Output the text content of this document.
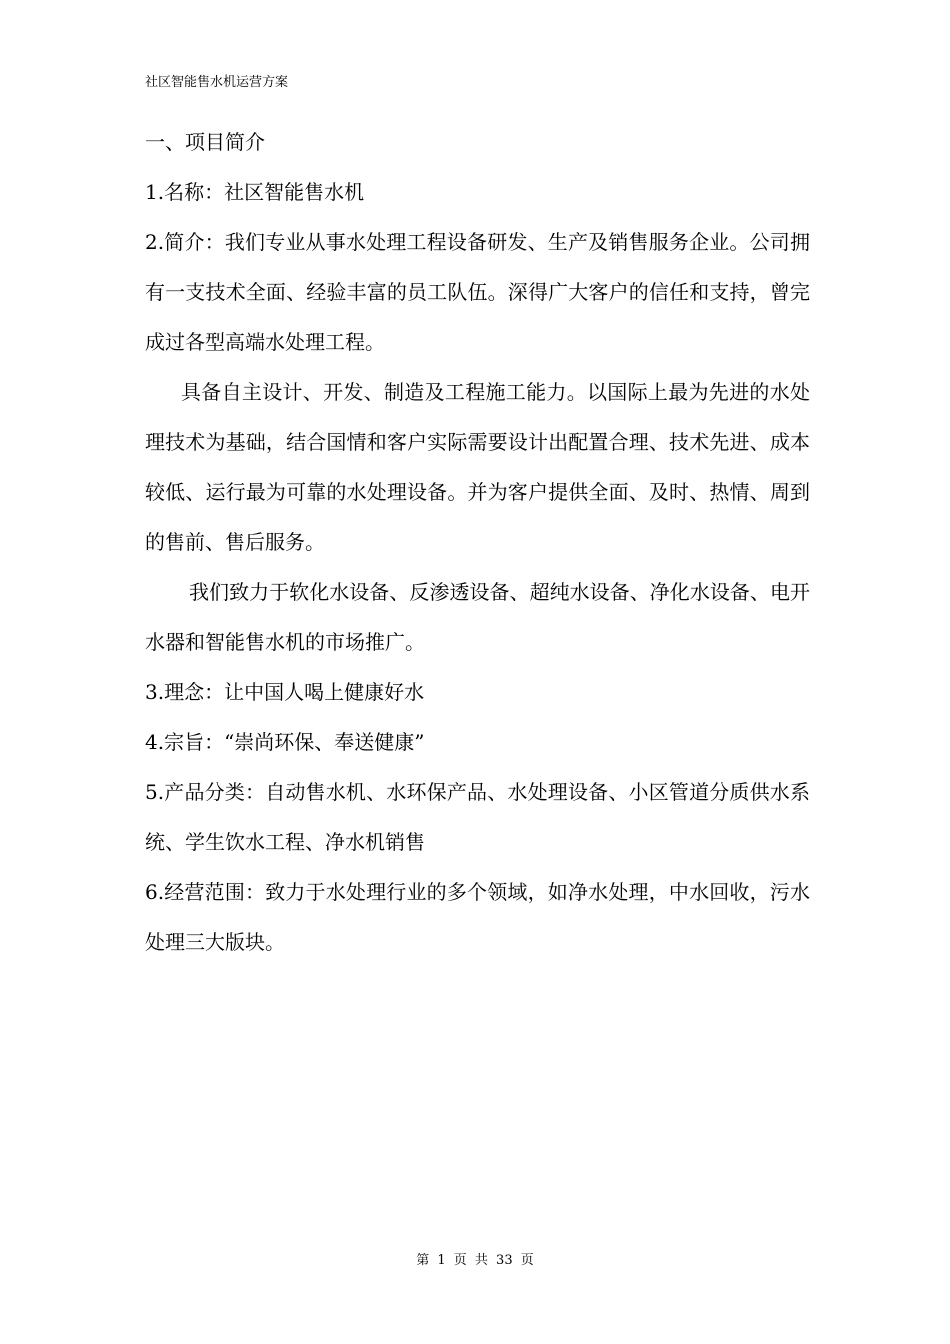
社区智能售水机运营方案

一、项目简介

1.名称：社区智能售水机

2.简介：我们专业从事水处理工程设备研发、生产及销售服务企业。公司拥有一支技术全面、经验丰富的员工队伍。深得广大客户的信任和支持，曾完成过各型高端水处理工程。

具备自主设计、开发、制造及工程施工能力。以国际上最为先进的水处理技术为基础，结合国情和客户实际需要设计出配置合理、技术先进、成本较低、运行最为可靠的水处理设备。并为客户提供全面、及时、热情、周到的售前、售后服务。

我们致力于软化水设备、反渗透设备、超纯水设备、净化水设备、电开水器和智能售水机的市场推广。

3.理念：让中国人喝上健康好水

4.宗旨：“崇尚环保、奉送健康”

5.产品分类：自动售水机、水环保产品、水处理设备、小区管道分质供水系统、学生饮水工程、净水机销售

6.经营范围：致力于水处理行业的多个领域，如净水处理，中水回收，污水处理三大版块。

第 1 页 共 33 页
